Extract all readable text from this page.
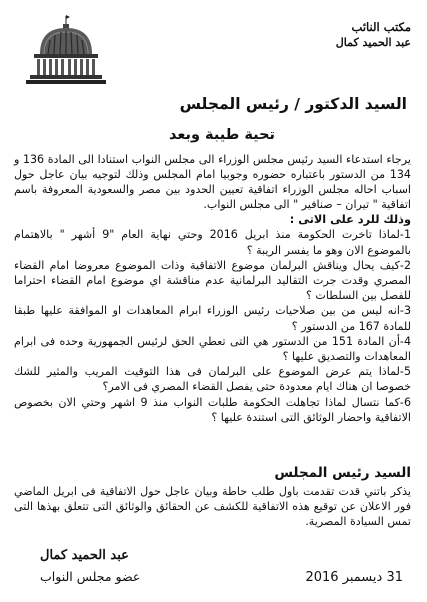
مكتب النائب
عبد الحميد كمال
السيد الدكتور / رئيس المجلس
تحية طيبة وبعد
يرجاء استدعاء السيد رئيس مجلس الوزراء الى مجلس النواب استنادا الى المادة 136 و 134 من الدستور باعتباره حضوره وجوبيا امام المجلس وذلك لتوجيه بيان عاجل حول اسباب احاله مجلس الوزراء اتفاقية تعيين الحدود بين مصر والسعودية المعروفة باسم اتفاقية " تيران – صنافير " الى مجلس النواب.
وذلك للرد على الاتى :
1-لماذا تاخرت الحكومة منذ ابريل 2016 وحتي نهاية العام "9 أشهر " بالاهتمام بالموضوع الان وهو ما يفسر الريبة ؟
2-كيف يحال ويناقش البرلمان موضوع الاتفاقية وذات الموضوع معروضا امام القضاء المصري وقدت جرت التقاليد البرلمانية عدم مناقشة اي موضوع امام القضاء احتراما للفصل بين السلطات ؟
3-انه ليس من بين صلاحيات رئيس الوزراء ابرام المعاهدات او الموافقة عليها طبقا للمادة 167 من الدستور ؟
4-أن المادة 151 من الدستور هي التى تعطي الحق لرئيس الجمهورية وحده فى ابرام المعاهدات والتصديق عليها ؟
5-لماذا يتم عرض الموضوع على البرلمان فى هذا التوقيت المريب والمثير للشك خصوصا ان هناك ايام معدودة حتى يفصل القضاء المصري فى الامر؟
6-كما نتسال لماذا تجاهلت الحكومة طلبات النواب منذ 9 اشهر وحتي الان بخصوص الاتفاقية واحضار الوثائق التى استندة عليها ؟
السيد رئيس المجلس
يذكر باتني قدت تقدمت باول طلب حاطة وبيان عاجل حول الاتفاقية فى ابريل الماضي فور الاعلان عن توقيع هذه الاتفاقية للكشف عن الحقائق والوثائق التى تتعلق بهذها التى تمس السيادة المصرية.
عبد الحميد كمال
عضو مجلس النواب	31 ديسمبر 2016
